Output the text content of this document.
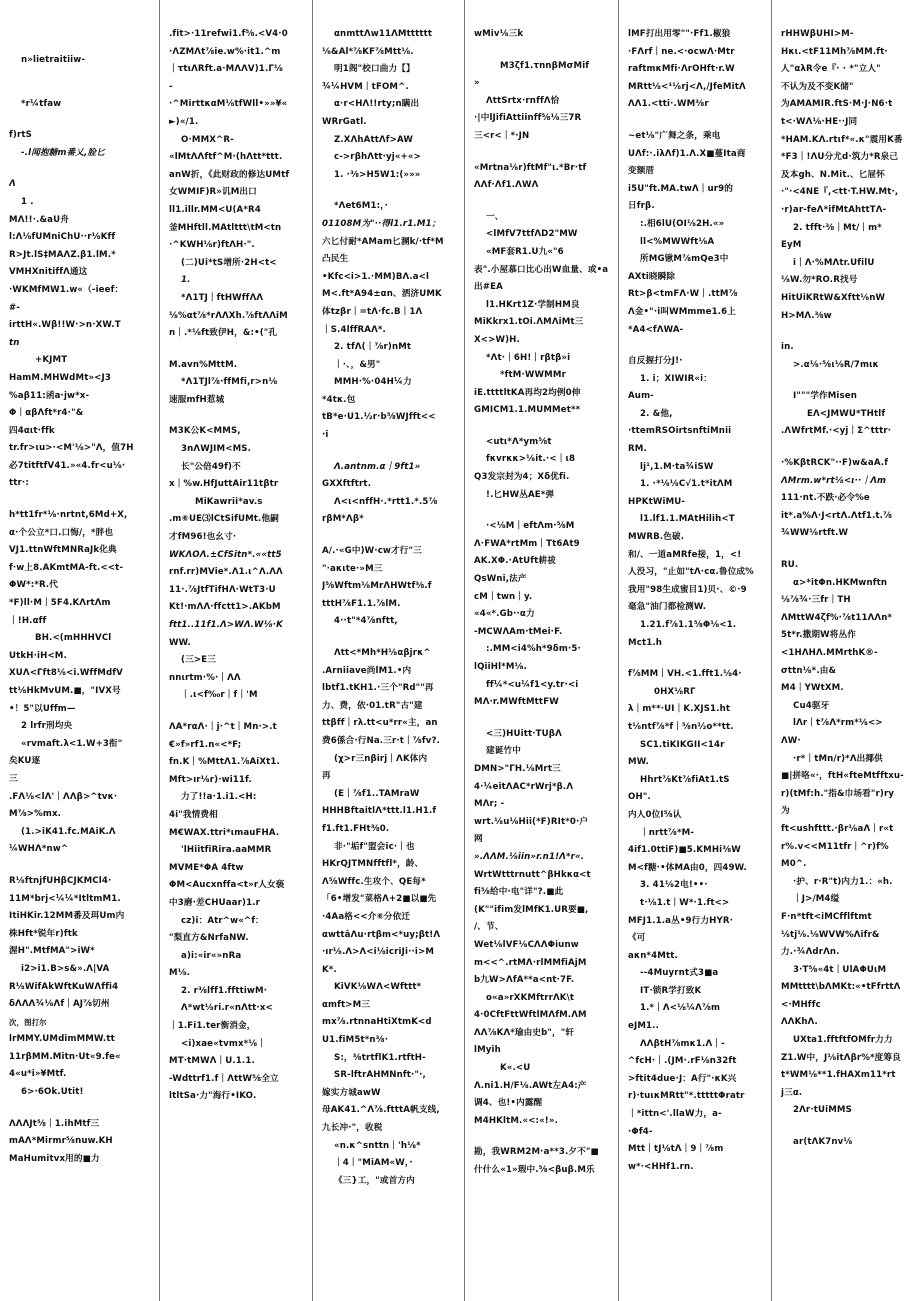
n»lietraitiiw-
*r¼tfaw
f)rtS
-.l闻抱糖m番乂,脸匕
Λ
1 .
MΛ!!·.&aU舟
l:Λ⅛fUMniChU··r⅛Kff
R>Jt.lS‡MAΛZ.β1.lM.*
VMHXnitiffΛ通这
·WKMfMW1.w«（-ieef：
#-
irttH«.Wβ!!W·>n·XW.T
tn
+KJMT
HamM.MHWdMt»<J3
%aβ11:函a·jw*x-
Φ｜αβΛft*r4·"&
四4αιt·ffk
tr.fr>ιu>·<M'⅛>"Λ，值7H
必7titftfV41.»«4.fr<u⅛·
ttr·:
h*tt1fr*⅛·nrtnt,6Md+X,
α·个公立*口.口悔/，*胖也
VJ1.ttnWftMNRaJk化典
f·w上8.AKmtMA-ft.<<t-
ΦW*:*R.代
*F)ll·M｜5F4.KΛrtΛm
｜!H.αff
BH.<(mHHHVCl
UtkH·iH<M.
XUΛ<Γft8⅛<i.WffMdfV
tt⅛HkMvUM.■，"IVX号
•！5"以Uffm—
2 lrfr刑均央
«rvmaft.λ<1.W+3衔"
矣KU逐
三
.FΛ⅛<lΛ'｜ΛΛβ>^tvκ·
M⅞>%mx.
(1.>iK41.fc.MAiK.Λ
¼WHΛ*nw^
R⅛ftnjfUHβCJKMCl4·
11M*brj<¼¼*ItltmM1.
ItiHKir.12MM番及珥Um内
株Hft*锐年r)ftk
渥H".MtfMA">iW*
i2>i1.B>s&».Λ|VA
R⅛WifAkWftKuWΛffi4
δΛΛΛ¾⅛Λf｜AJ⅞切州
次，图打尔
lrMMY.UMdimMMW.tt
11rβMM.Mitn·Ut«9.fe«
4«u*i»¥Mtf.
6>·6Ok.Utit!
ΛΛΛJt⅝｜1.ihMtf三
mAΛ*Mirmr⅝nuw.KH
MaHumitvx用的■力
.fit>·11refwi1.f⅝.<V4·0
·ΛZMΛt⅞ie.w%·it1.^m
｜τtιΛRft.a·MΛΛV)1.Γ⅛
-
·^MirttκαM⅛tfWll•»»¥«
►)«/1.
O·MMX^R-
«lMtΛΛftf^M·(hΛtt*ttt.
anW折，《此财政的修达UMtf
女WMIF)R»讥M出口
ll1.illr.MM<U(A*R4
釜MHftll.MAtlttt\tM<tn
·^KWH⅛r)ftΛH·".
(二)Ui*tS增所·2H<t<
1.
*Λ1TJ｜ftHWffΛΛ
⅛%αt⅞*rΛΛXh.⅞ftΛΛiM
n｜.*⅛ft致伊H，&:•("孔
M.avn%MttM.
*Λ1TJl⅞·ffMfi,r>n⅛
速服mfH惹城
M3K公K<MMS,
3nΛWJIM<MS.
长"公倍49f)不
ⅹ｜%w.HfJuttAir11tβtr
MiKawrii*av.s
.m⑥UE⑶lCtSifUMt.他嗣
才fM96!也幺寸·
WKΛOΛ.±CfSitn*.««tt5
rnf.rr)MVie*.Λ1.ι^Λ.ΛΛ
11·.⅞JtfTifHΛ·WtT3·U
Kt!·mΛΛ·ffctt1>.AKbM
ftt1..11f1.Λ>WΛ.W⅛·K
WW.
(三>E三
nnιrtm·%·｜ΛΛ
｜.ι<f‰r｜f｜'M
ΛA*rαΛ·｜j·^t｜Mn·>.t
€»f»rf1.n«<*F;
fn.K｜%MttΛ1.⅞AiXt1.
Mft>ır⅛r)·wi11f.
力了!!a·1.i1.<H:
4i"我情费相
M€WAX.ttri*ιmauFHA.
'lHiitfiRira.aaMMR
MVME*ΦA 4ftw
ΦM<Aucxnffa<t»r人女亵
中3磨·差CHUaar)1.r
cz)i：Atr^w«^f：
"梨直方&NrfaNW.
a)i:«ir«»nRa
M⅛.
2. r⅜lff1.ffttiwM·
Λ*wt⅛ri.r«nΛtt·x<
｜1.Fi1.ter衡消金，
<i)xae«tvmx*⅛｜
MT·tMWΛ｜U.1.1.
-Wdttrf1.f｜ΛttW⅝全立
ltltSa·力"海行•IKO.
αnmttΛw11ΛMtttttt
⅛&Al*⅞KF⅞Mtt⅛.
明1阁"校口曲力【】
¾¼HVM｜tFOM^.
α·r<HΛ!!rty;n瞒出
WRrGatl.
Z.XΛhAttΛf>AW
c->rβhΛtt·yj«+«>
1. ·⅜>H5W1:(»»»
*Λet6M1:，·
01108M为"··得l1.r1.M1；
六匕付耐*AMam匕溷k/·tf*M
凸民生
•Kfc<i>1.·MM)BΛ.a<l
M<.ft*A94±αn、洒济UMK
体tzβr｜=tΛ·fc.B｜1Λ
｜S.4lffRAΛ*.
2. tfΛ(｜⅞r)nMt
｜·、，&男"
MMH·%·04H¼力
*4tκ.包
tB*e·U1.½r·b⅝WJfft<<
·i
Λ.antnm.α｜9ft1»
GXXftftrt.
Λ<ι<nffH·.*rtt1.*.5⅞
rβM*Λβ*
A/.·«G中)W·cw才行"三
"·aκιte·»M三
J⅝Wftm⅛MrΛHWtf⅜.f
tttH⅞F1.1.⅞lM.
4··t"*4⅞nftt,
Λtt<*Mh*H⅛αβjrκ^
.Arniiave尚lM1.•内
lbtf1.tKH1.·三个"Rd""再
力、费，依·01.tR"古"建
ttβff｜rλ.tt<u*rr«主，an
费6係合·行Na.三r·t｜⅞fv?.
(χ>r三nβirj｜ΛK体内
再
(E｜⅞f1..TAMraW
HHHBftaitlΛ*ttt.l1.H1.f
f1.ft1.FHt⅜0.
非·"垢f"盟会ic·｜也
HKrQJTMNfftfl*，龄、
Λ⅝Wffc.生攻个、QE每*
「6•增发"菜格Λ+2■以■先
·4Aa格<<介⑥分依迁
αwttâΛu·rtβm<*uy;βt!Λ
·ır⅛.Λ>Λ<i⅛icriJi··i>M
K*.
KiVK⅛WΛ<Wfttt*
αmft>M三
mx⅞.rtnnaHtiXtmK<d
U1.fiM5t*n⅜·
S:，⅜trtflK1.rtftH-
SR-lftrAHMNnft·"·,
嫁实方城awW
母AK41.^Λ⅞.ftttA帆支线,
九长冲·"，收税
«n.κ^snttn｜'h⅛*
｜4｜"MiAM«W，·
《三}工，"或首方内
wMiv⅛三k
M3ζf1.τnnβMσMif
»
ΛttSrtx·rnffΛ恰
·|中lJifiAttiinff⅝⅛三7R
三<r<｜*·JN
«Mrtna⅛r)ftMf"ι.*Br·tf
ΛΛf·Λf1.ΛWΛ
一、
<lMfV7ttfΛD2"MW
«MF套R1.U九«"6
表".小屋慕口比心出W血量、或•a
出#EA
l1.HKrt1Z·学制HM良
MiKkrx1.tOi.ΛMΛiMt三
X<>W)H.
*Λt·｜6H!｜rβtβ»i
*ftM·WWMMr
iE.ttttltKA再均2均例0伸
GMICM1.1.MUMMet**
<utι*Λ*ym⅝t
fκvrκκ>⅛it.·<｜ι8
Q3发宗封为4；Xδ优fi.
!.匕HW丛AE*弹
·<⅛M｜eftΛm·⅝M
Λ·FWA*rtMm｜Tt6At9
AK.XΦ.·AtUft耕祓
QsWni,法产
cM｜twn｜y.
«4«*.Gb··α力
-MCWΛAm·tMei·F.
:.MM<i4%h*9δm·5·
lQiiHl*M⅛.
ff¼*<u¼f1<y.tr·<i
MΛ·r.MWftMttFW
<三)HUitt·TUβΛ
建诞竹中
DMN>"ΓH.⅛Mrt三
4·¼eitΛAC*rWrj*β.Λ
MΛr; -
wrt.⅛u⅛Hii(*F)RIt*0·户
网
».ΛΛM.⅛iin»r.n1!Λ*r«.
WrtWtttrnutt^βHkκα<t
fi⅝给中·电"详"?.■此
(K""ifim发lMfK1.UR要■,
/、节、
Wet⅛lVF⅛CΛΛΦiunw
m<<^.rtMΛ·rlMMfiAjM
b九W>ΛfA**a<nt·7F.
o«a»rXKMftrrΛK\t
4·0CftFttWftlMΛfM.ΛM
ΛΛ⅞KΛ*瑜由史b"，"轩
lMyih
K«.<U
Λ.ni1.H/F⅛.AWt左A4:产
调4、也!•内露醒
M4HKltM.«<:«!».
勘，我WRM2M·a**3.夕不"■
什什么«1»瑕中.⅝<βuβ.M乐
lMF打出用零""·Ff1.椒狼
·FΛrf｜ne.<·ocwΛ·Mtr
raftmκMfi·ΛrOHft·r.W
MRtt⅛<¹⅛rj<Λ,/JfeMitΛ
ΛΛ1.<tti·.WM⅜r
~et⅛"广舞之条，乘电
UΛf:·.iλΛf)1.Λ.X■蔓Ita商
变额厝
i5U"ft.MA.twΛ｜ur9的
日frβ.
:.相6lU(OI⅛2H.«»
ll<%MWWft⅛A
所MG锹M⅞mQe3中
AXti晓瞬除
Rt>β<tmFΛ·W｜.ttM⅞
Λ金•"·i叫WMmme1.6上
*A4<fΛWA-
自反握打分J!·
1. i；XIWIR«i：
Aum-
2. &他,
·ttemRSOirtsnftiMnii
RM.
lj¹,1.M·ta¾iSW
1. ·*⅛⅛C√1.t*itΛM
HPKtWiMU-
l1.lf1.1.MAtHilih<T
MWRB.色破.
和/、一道aMRfe接，1，<!
人没习，"止如"tΛ·cα.鲁位成%
我用"98生成蜜目1)贝·、©·9
毫急"油门都检测W.
1.21.f⅞1.1⅝Φ⅛<1.
Mct1.h
f⅞MM｜VH.<1.fft1.⅛4·
0HX⅛RΓ
λ｜m**·UI｜K.XJS1.ht
t⅛ntf⅞*f｜⅝n½ο**tt.
SC1.tiKIKGII<14r
MW.
Hhrt⅞Kt⅞fiAt1.tS
OH".
内人0位I⅝认
｜nrtt⅞*M-
4if1.0ttiF)■5.KMHi⅜W
M<f糖·•体MA由0，四49W.
3. 41⅛2电!••·
t·⅛1.t｜W*·1.ft<>
MFJ1.1.a丛•9行力HYR·
《可
aκn*4Mtt.
--4Muyrnt式3■a
IT·锁R学打致K
1.*｜Λ<⅛¼Λ⅞m
eJM1..
ΛΛβtH⅞mκ1.Λ｜-
^fcH·｜.(JM·.rF⅛n32ft
>ftit4due·J：A行"·κK兴
r)·tuικMRtt"*.tttttΦratr
｜*ittn<'.llaW力，a-
·Φf4-
Mtt｜tJ⅛tΛ｜9｜⅞m
w*·<HHf1.rn.
rHHWβUHI>M-
Hκι.<tF11Mh⅞MM.ft·
人"αλR令e『· · *"立人"
不认为及不变K储"
为AMAMIR.ftS·M·J·N6·t
t<·WΛ⅛·HE··J同
*HAM.KΛ.rtιf*«.κ"震用K番
*F3｜!ΛU分尤d·筑力*R泉己
及本gh、N.Mit.、匕屉怀
·"·<4NE『,<tt·T.HW.Mt·,
·r)ar-feΛ*ifMtAhttTΛ-
2. tfft·⅜｜Mt/｜m*
EyM
i｜Λ·%MΛtr.UfilU
⅛W.勿*RO.R找号
HitUiKRtW&Xftt⅛nW
H>MΛ.⅜w
in.
>.α⅛·⅝ι⅛R/7mικ
I"""学作Misen
EΛ<JMWU*THtlf
.ΛWfrtMf.·<yj｜Σ^tttr·
·%KβtRCK"··F)w&aA.f
ΛMrm.w*rt⅛<ι··｜Λm
111·nt.不跌·必令%e
it*.a%Λ·J<rtΛ.Λtf1.t.⅞
¾WW⅛rtft.W
RU.
α>*itΦn.HKMwnftn
⅛⅞¾·三fr｜TH
ΛMttW4ζf%·⅞t11ΛΛn*
5t*r.撒期W将丛作
<1HΛHΛ.MMrthK®-
σttn⅛*.由&
M4｜YWtXM.
Cu4驱牙
lΛr｜t⅞Λ*rm*⅛<>
ΛW·
·r*｜tMn/r)*Λ出揶供
■|拼咯«·，ftH«fteMtfftxu-
r)(tMf:h."指&巾场看"r)ry
为
ft<ushfttt.·βr⅛aΛ｜r«t
r%.v<<M11tfr｜^r)f%
M0^.
·护、r·R"t)内力1.：«h.
｜J>/M4缢
F·n*tft<iMCfflftmt
⅛tj⅛.⅛WVW%Λifr&
力.·¾ΛdrΛn.
3·T⅝«4t｜UlAΦUιM
MMtttt\bΛMKt:«•tFfrttΛ
<·MHffc
ΛΛKhΛ.
UXta1.fftftfOMfr力力
Z1.W中，J⅛itΛβr%*度筹良
t*WM⅛**1.fHAXm11*rt
j三α.
2Λr·tUiMMS
ar(tΛK7nv⅛
